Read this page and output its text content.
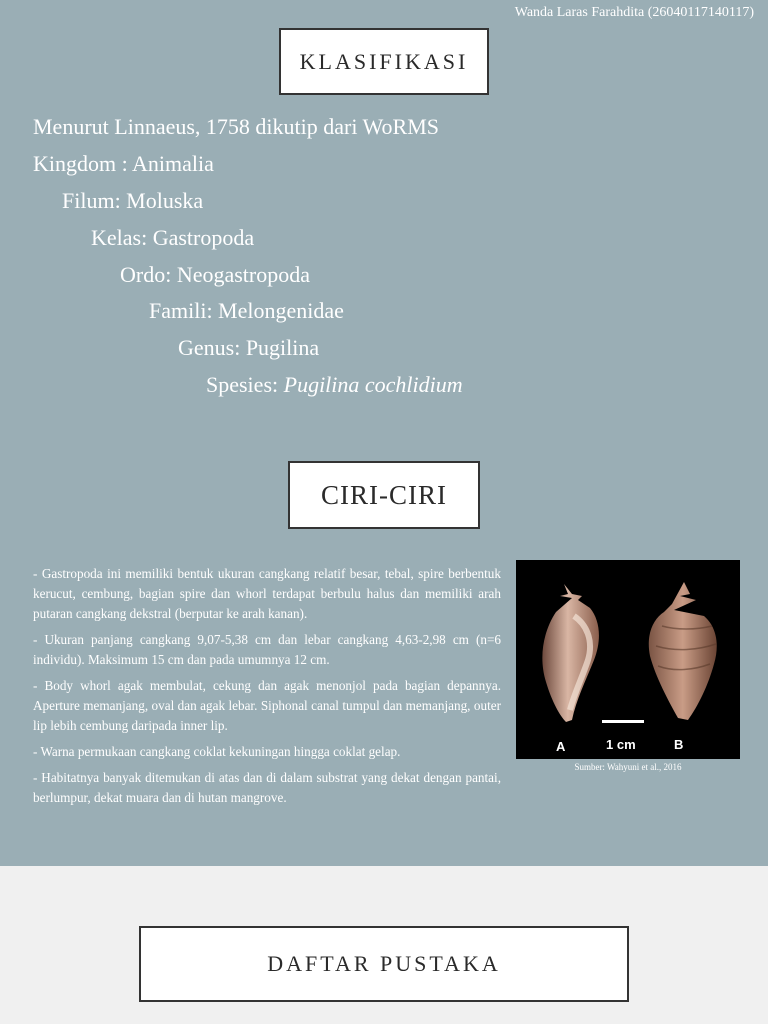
Wanda Laras Farahdita (26040117140117)
KLASIFIKASI
Menurut Linnaeus, 1758 dikutip dari WoRMS
Kingdom : Animalia
Filum: Moluska
Kelas: Gastropoda
Ordo: Neogastropoda
Famili: Melongenidae
Genus: Pugilina
Spesies: Pugilina cochlidium
CIRI-CIRI

- Gastropoda ini memiliki bentuk ukuran cangkang relatif besar, tebal, spire berbentuk kerucut, cembung, bagian spire dan whorl terdapat berbulu halus dan memiliki arah putaran cangkang dekstral (berputar ke arah kanan).

- Ukuran panjang cangkang 9,07-5,38 cm dan lebar cangkang 4,63-2,98 cm (n=6 individu). Maksimum 15 cm dan pada umumnya 12 cm.

- Body whorl agak membulat, cekung dan agak menonjol pada bagian depannya. Aperture memanjang, oval dan agak lebar. Siphonal canal tumpul dan memanjang, outer lip lebih cembung daripada inner lip.

- Warna permukaan cangkang coklat kekuningan hingga coklat gelap.

- Habitatnya banyak ditemukan di atas dan di dalam substrat yang dekat dengan pantai, berlumpur, dekat muara dan di hutan mangrove.

A	1 cm	B
Sumber: Wahyuni et al., 2016
DAFTAR PUSTAKA
